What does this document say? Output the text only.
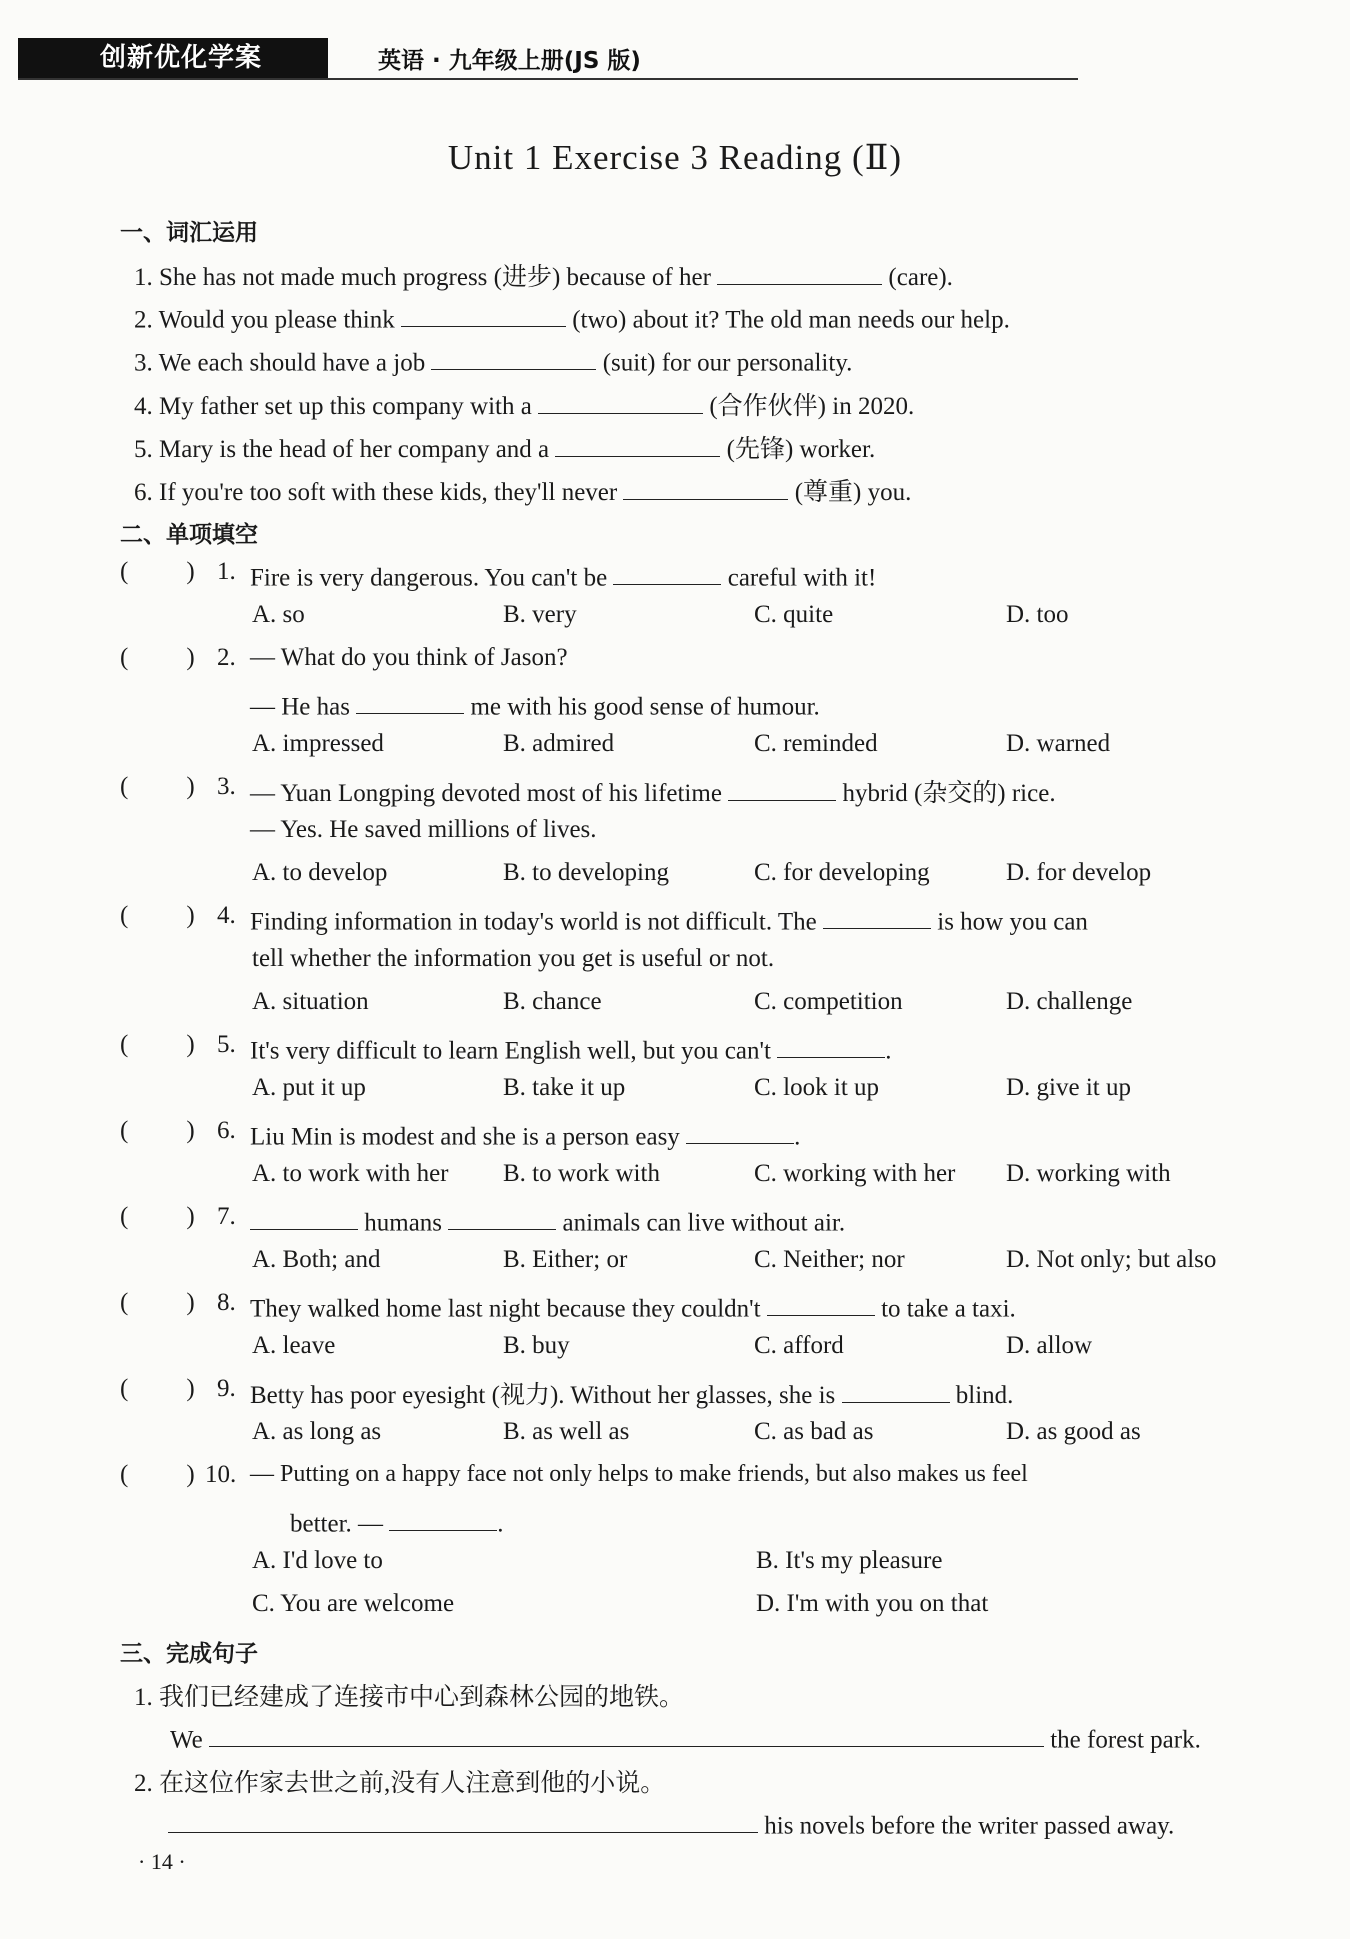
创新优化学案	英语 · 九年级上册(JS 版)
Unit 1 Exercise 3 Reading (Ⅱ)
一、词汇运用
1. She has not made much progress (进步) because of her	(care).
2. Would you please think	(two) about it? The old man needs our help.
3. We each should have a job	(suit) for our personality.
4. My father set up this company with a	(合作伙伴) in 2020.
5. Mary is the head of her company and a	(先锋) worker.
6. If you're too soft with these kids, they'll never	(尊重) you.
二、单项填空
( ) 1. Fire is very dangerous. You can't be	careful with it!
A. so	B. very	C. quite	D. too
( ) 2. — What do you think of Jason?
— He has	me with his good sense of humour.
A. impressed	B. admired	C. reminded	D. warned
( ) 3. — Yuan Longping devoted most of his lifetime	hybrid (杂交的) rice.
— Yes. He saved millions of lives.
A. to develop	B. to developing	C. for developing	D. for develop
( ) 4. Finding information in today's world is not difficult. The	is how you can
tell whether the information you get is useful or not.
A. situation	B. chance	C. competition	D. challenge
( ) 5. It's very difficult to learn English well, but you can't	.
A. put it up	B. take it up	C. look it up	D. give it up
( ) 6. Liu Min is modest and she is a person easy	.
A. to work with her B. to work with	C. working with her D. working with
( ) 7.	humans	animals can live without air.
A. Both; and	B. Either; or	C. Neither; nor	D. Not only; but also
( ) 8. They walked home last night because they couldn't	to take a taxi.
A. leave	B. buy	C. afford	D. allow
( ) 9. Betty has poor eyesight (视力). Without her glasses, she is	blind.
A. as long as	B. as well as	C. as bad as	D. as good as
( ) 10. — Putting on a happy face not only helps to make friends, but also makes us feel
better. —	.
A. I'd love to	B. It's my pleasure
C. You are welcome	D. I'm with you on that
三、完成句子
1. 我们已经建成了连接市中心到森林公园的地铁。
We	the forest park.
2. 在这位作家去世之前,没有人注意到他的小说。
his novels before the writer passed away.
· 14 ·
